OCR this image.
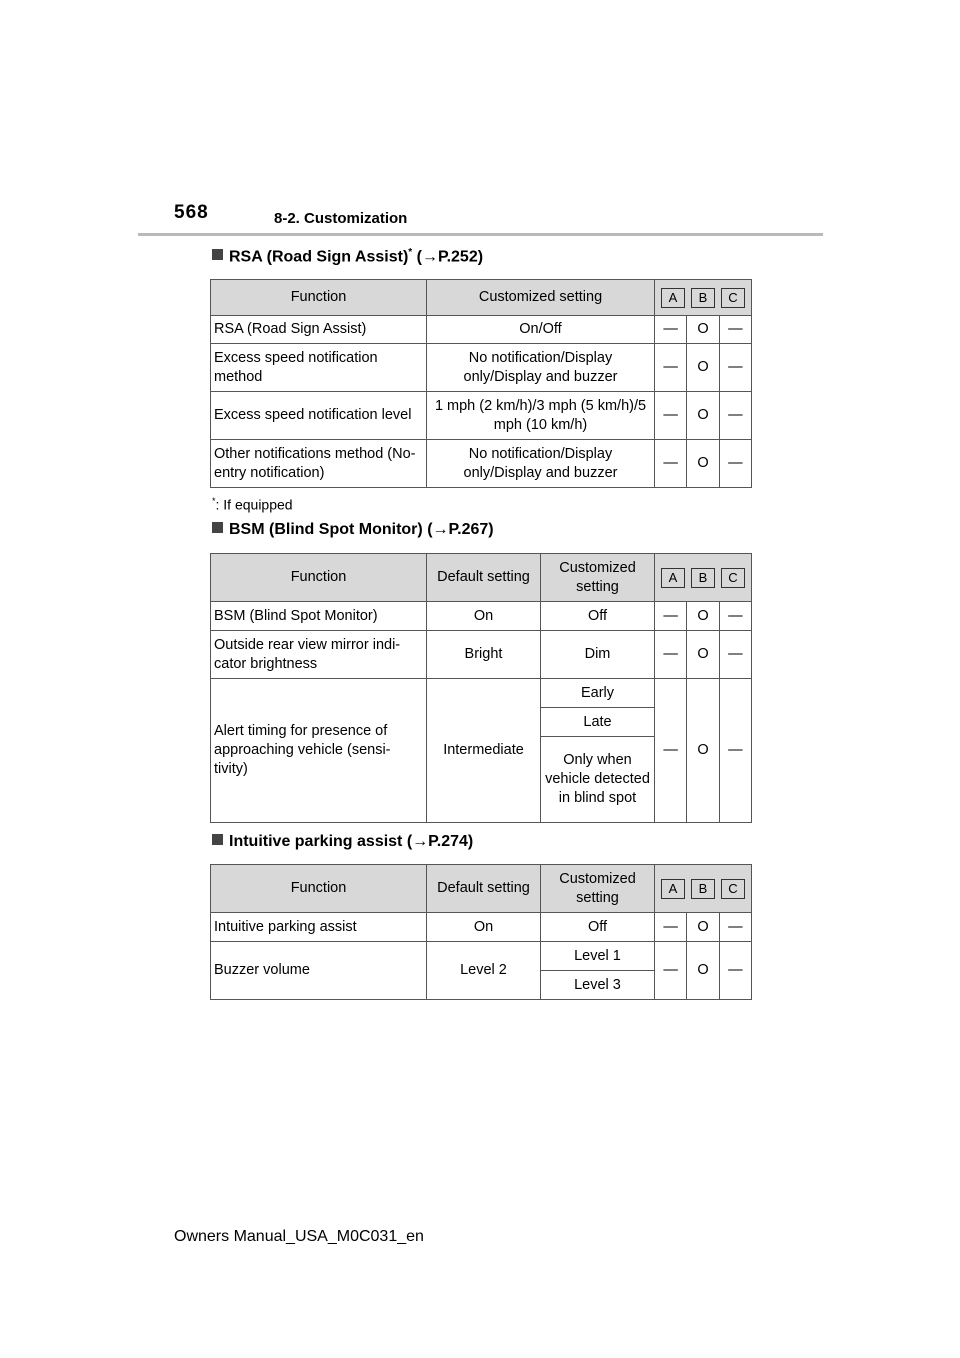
568	8-2. Customization
RSA (Road Sign Assist)* (→P.252)
Function	Customized setting	A B C		

RSA (Road Sign Assist)	On/Off	—	O	—
Excess speed notification method	No notification/Display only/Display and buzzer	—	O	—
Excess speed notification level	1 mph (2 km/h)/3 mph (5 km/h)/5 mph (10 km/h)	—	O	—
Other notifications method (No-entry notification)	No notification/Display only/Display and buzzer	—	O	—
*: If equipped
BSM (Blind Spot Monitor) (→P.267)
Function	Default setting	Customized setting	A B C		

BSM (Blind Spot Monitor)	On	Off	—	O	—
Outside rear view mirror indi-cator brightness	Bright	Dim	—	O	—
Alert timing for presence of approaching vehicle (sensi-tivity)	Intermediate	Early	—	O	—
		Late			
		Only when vehicle detected in blind spot			
Intuitive parking assist (→P.274)
Function	Default setting	Customized setting	A B C		

Intuitive parking assist	On	Off	—	O	—
Buzzer volume	Level 2	Level 1	—	O	—
		Level 3			
Owners Manual_USA_M0C031_en
